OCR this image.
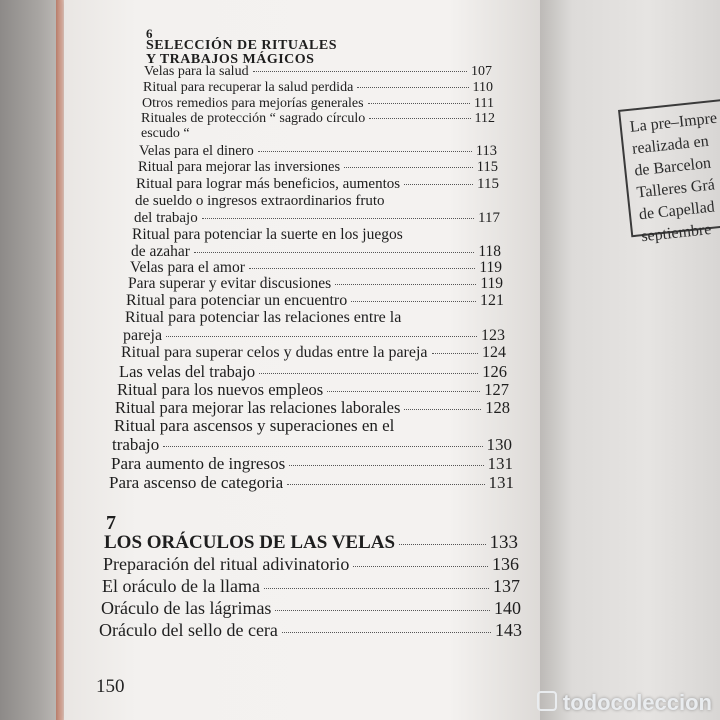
La pre–Impre
realizada en
de Barcelon
Talleres Grá
de Capellad
septiembre
6
SELECCIÓN DE RITUALES
Y TRABAJOS MÁGICOS
Velas para la salud	107
Ritual para recuperar la salud perdida	110
Otros remedios para mejorías generales	111
Rituales de protección “ sagrado círculo	112
escudo “
Velas para el dinero	113
Ritual para mejorar las inversiones	115
Ritual para lograr más beneficios, aumentos	115
de sueldo o ingresos extraordinarios fruto
del trabajo	117
Ritual para potenciar la suerte en los juegos
de azahar	118
Velas para el amor	119
Para superar y evitar discusiones	119
Ritual para potenciar un encuentro	121
Ritual para potenciar las relaciones entre la
pareja	123
Ritual para superar celos y dudas entre la pareja	124
Las velas del trabajo	126
Ritual para los nuevos empleos	127
Ritual para mejorar las relaciones laborales	128
Ritual para ascensos y superaciones en el
trabajo	130
Para aumento de ingresos	131
Para ascenso de categoria	131
7
LOS ORÁCULOS DE LAS VELAS	133
Preparación del ritual adivinatorio	136
El oráculo de la llama	137
Oráculo de las lágrimas	140
Oráculo del sello de cera	143
150
todocoleccion
